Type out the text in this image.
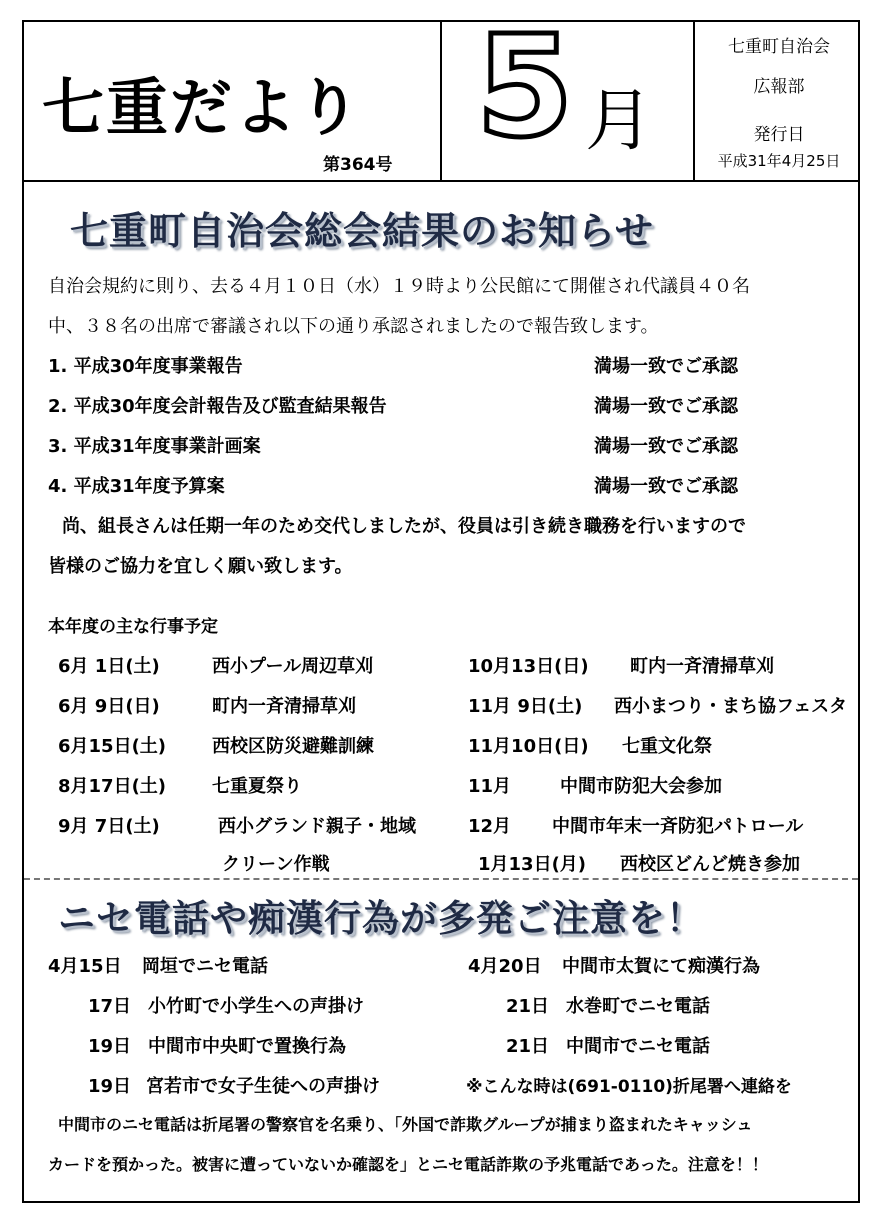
七重だより
第364号 5 月
七重町自治会
広報部
発行日
平成31年4月25日
七重町自治会総会結果のお知らせ
自治会規約に則り、去る４月１０日（水）１９時より公民館にて開催され代議員４０名
中、３８名の出席で審議され以下の通り承認されましたので報告致します。
1. 平成30年度事業報告	満場一致でご承認
2. 平成30年度会計報告及び監査結果報告	満場一致でご承認
3. 平成31年度事業計画案	満場一致でご承認
4. 平成31年度予算案	満場一致でご承認
尚、組長さんは任期一年のため交代しましたが、役員は引き続き職務を行いますので
皆様のご協力を宜しく願い致します。
本年度の主な行事予定
6月 1日(土)	西小プール周辺草刈
6月 9日(日)	町内一斉清掃草刈
6月15日(土)	西校区防災避難訓練
8月17日(土)	七重夏祭り
9月 7日(土)	西小グランド親子・地域
クリーン作戦
10月13日(日) 町内一斉清掃草刈
11月 9日(土) 西小まつり・まち協フェスタ
11月10日(日) 七重文化祭
11月	中間市防犯大会参加
12月 中間市年末一斉防犯パトロール
1月13日(月) 西校区どんど焼き参加
ニセ電話や痴漢行為が多発ご注意を！
4月15日 岡垣でニセ電話
17日 小竹町で小学生への声掛け
19日 中間市中央町で置換行為
19日 宮若市で女子生徒への声掛け
4月20日 中間市太賀にて痴漢行為
21日 水巻町でニセ電話
21日 中間市でニセ電話
※こんな時は(691-0110)折尾署へ連絡を
中間市のニセ電話は折尾署の警察官を名乗り、「外国で詐欺グループが捕まり盗まれたキャッシュ
カードを預かった。被害に遭っていないか確認を」とニセ電話詐欺の予兆電話であった。注意を！！
